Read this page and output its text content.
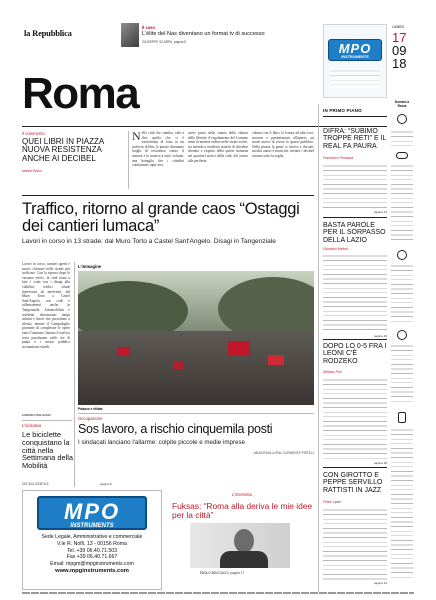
la Repubblica
Roma
Il caso
L'élite del Nas diventano un format tv di successo
GIUSEPPE SCARPA, pagina 8
LUNEDÌ
17
09
18
MPO
INSTRUMENTS
Domani a Roma
Il commento
QUEI LIBRI IN PIAZZA NUOVA RESISTENZA ANCHE AI DECIBEL
Marino Bisso
Nella città che cambia, vale a dire quella che si è trasformata di fatto in un archivio di libri, le piazze diventano luoghi di resistenza contro il rumore e la musica a tutto volume, una battaglia che i cittadini combattono ogni sera.
avere posto nella stanza della cultura delle librerie, il regolamento del Comune tenta di mettere ordine nelle serate estive, tra movida e residenti stanchi di chiedere silenzio e rispetto della quiete notturna nei quartieri storici della città, dal centro alle periferie.
cultura con il libro, la lettura ad alta voce, incontri e presentazioni all'aperto, un modo nuovo di vivere lo spazio pubblico. Nella piazza la gente si ritrova e discute, ascolta autori e musicisti, mentre i decibel restano sotto la soglia.
IN PRIMO PIANO
DIFRA: “SUBIMO TROPPE RETI” E IL REAL FA PAURA
Francesco Ferrazza
pagina 14
BASTA PAROLE PER IL SORPASSO DELLA LAZIO
Giordano Meloni
pagina 16
DOPO LO 0-5 FRA I LEONI C'È RODZEKO
Stefano Puri
pagina 18
CON GIROTTO E PEPPE SERVILLO RATTISTI IN JAZZ
Felice Liperi
pagina 14
Traffico, ritorno al grande caos “Ostaggi dei cantieri lumaca”
Lavori in corso in 13 strade: dal Muro Torto a Castel Sant'Angelo. Disagi in Tangenziale
Lavori in corso, cantieri aperti e nuove chiusure nelle strade più trafficate. Con la ripresa dopo le vacanze estive, la città torna a fare i conti con i disagi alla viabilità: tredici strade interessate da interventi, dal Muro Torto a Castel Sant'Angelo, con code e rallentamenti anche in Tangenziale. Automobilisti e residenti denunciano tempi infiniti e lavori che procedono a rilento, mentre il Campidoglio promette di completare le opere entro l'autunno. Intanto il traffico resta paralizzato nelle ore di punta e i mezzi pubblici accumulano ritardi.
FABRIZIO BALSAMO
L'immagine
Palazzo e sfilata
Occupazione
Sos lavoro, a rischio cinquemila posti
I sindacati lanciano l'allarme: colpite piccole e medie imprese
VALENTINA LUPIA / CLEMENTE PISTILLI
L'iniziativa
Le biciclette conquistano la città nella Settimana della Mobilità
CECILIA GENTILE	pagina 9
MPO
INSTRUMENTS
Sede Legale, Amministrative e commerciale
V.le R. Nolfi, 13 - 00156 Roma
Tel. +39 06.40.71.503
Fax +39 06.40.71.667
Email: mpgm@mpginstruments.com
www.mpginstruments.com
L'intervista
Fuksas: “Roma alla deriva le mie idee per la città”
PAOLO BOCCACCI, pagina 17
